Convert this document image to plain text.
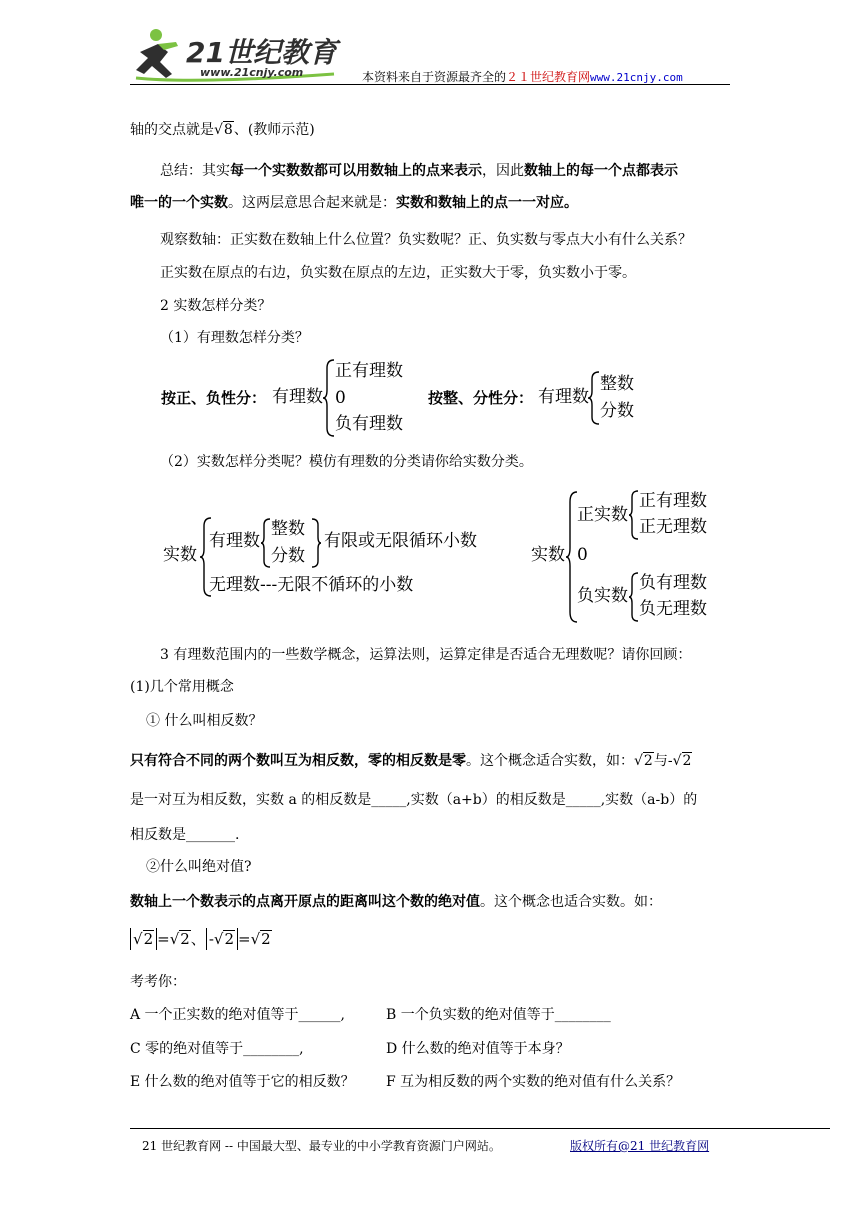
21世纪教育
www.21cnjy.com	本资料来自于资源最齐全的２１世纪教育网www.21cnjy.com
轴的交点就是√8、(教师示范)
总结：其实每一个实数数都可以用数轴上的点来表示，因此数轴上的每一个点都表示
唯一的一个实数。这两层意思合起来就是：实数和数轴上的点一一对应。
观察数轴：正实数在数轴上什么位置？负实数呢？正、负实数与零点大小有什么关系？
正实数在原点的右边，负实数在原点的左边，正实数大于零，负实数小于零。
2 实数怎样分类？
（1）有理数怎样分类？
按正、负性分： 有理数
正有理数
0
负有理数
按整、分性分： 有理数
整数
分数
（2）实数怎样分类呢？模仿有理数的分类请你给实数分类。
实数
有理数
整数
分数
有限或无限循环小数
无理数---无限不循环的小数
实数
正实数
正有理数
正无理数
0
负实数
负有理数
负无理数
3 有理数范围内的一些数学概念，运算法则，运算定律是否适合无理数呢？请你回顾：
(1)几个常用概念
① 什么叫相反数？
只有符合不同的两个数叫互为相反数，零的相反数是零。这个概念适合实数，如：√2与-√2
是一对互为相反数，实数 a 的相反数是_____,实数（a+b）的相反数是_____,实数（a-b）的
相反数是_______.
②什么叫绝对值?
数轴上一个数表示的点离开原点的距离叫这个数的绝对值。这个概念也适合实数。如：
√2 =√2、 -√2 =√2
考考你：
A 一个正实数的绝对值等于______,	B 一个负实数的绝对值等于________
C 零的绝对值等于________,	D 什么数的绝对值等于本身？
E 什么数的绝对值等于它的相反数？ F 互为相反数的两个实数的绝对值有什么关系？
21 世纪教育网 -- 中国最大型、最专业的中小学教育资源门户网站。	版权所有@21 世纪教育网
